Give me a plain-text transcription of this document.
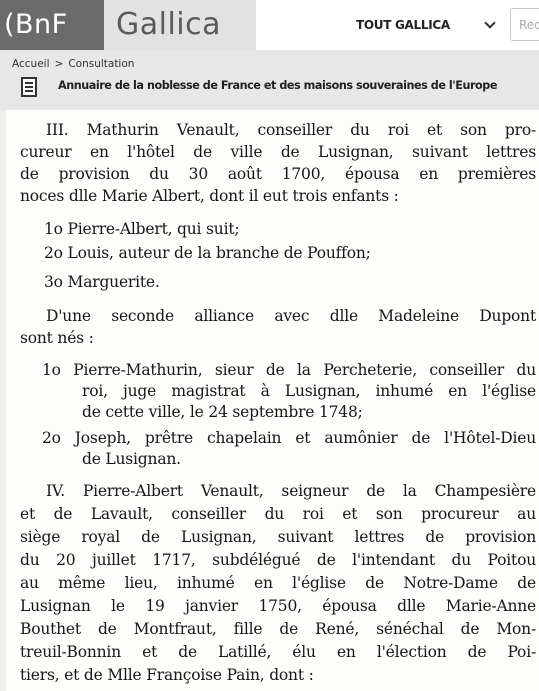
(BnF	Gallica	TOUT GALLICA
Rec
Accueil > Consultation
Annuaire de la noblesse de France et des maisons souveraines de l'Europe
III. Mathurin Venault, conseiller du roi et son pro-
cureur en l'hôtel de ville de Lusignan, suivant lettres
de provision du 30 août 1700, épousa en premières
noces dlle Marie Albert, dont il eut trois enfants :
1o Pierre-Albert, qui suit;
2o Louis, auteur de la branche de Pouffon;
3o Marguerite.
D'une seconde alliance avec dlle Madeleine Dupont
sont nés :
1o Pierre-Mathurin, sieur de la Percheterie, conseiller du
roi, juge magistrat à Lusignan, inhumé en l'église
de cette ville, le 24 septembre 1748;
2o Joseph, prêtre chapelain et aumônier de l'Hôtel-Dieu
de Lusignan.
IV. Pierre-Albert Venault, seigneur de la Champesière
et de Lavault, conseiller du roi et son procureur au
siège royal de Lusignan, suivant lettres de provision
du 20 juillet 1717, subdélégué de l'intendant du Poitou
au même lieu, inhumé en l'église de Notre-Dame de
Lusignan le 19 janvier 1750, épousa dlle Marie-Anne
Bouthet de Montfraut, fille de René, sénéchal de Mon-
treuil-Bonnin et de Latillé, élu en l'élection de Poi-
tiers, et de Mlle Françoise Pain, dont :
